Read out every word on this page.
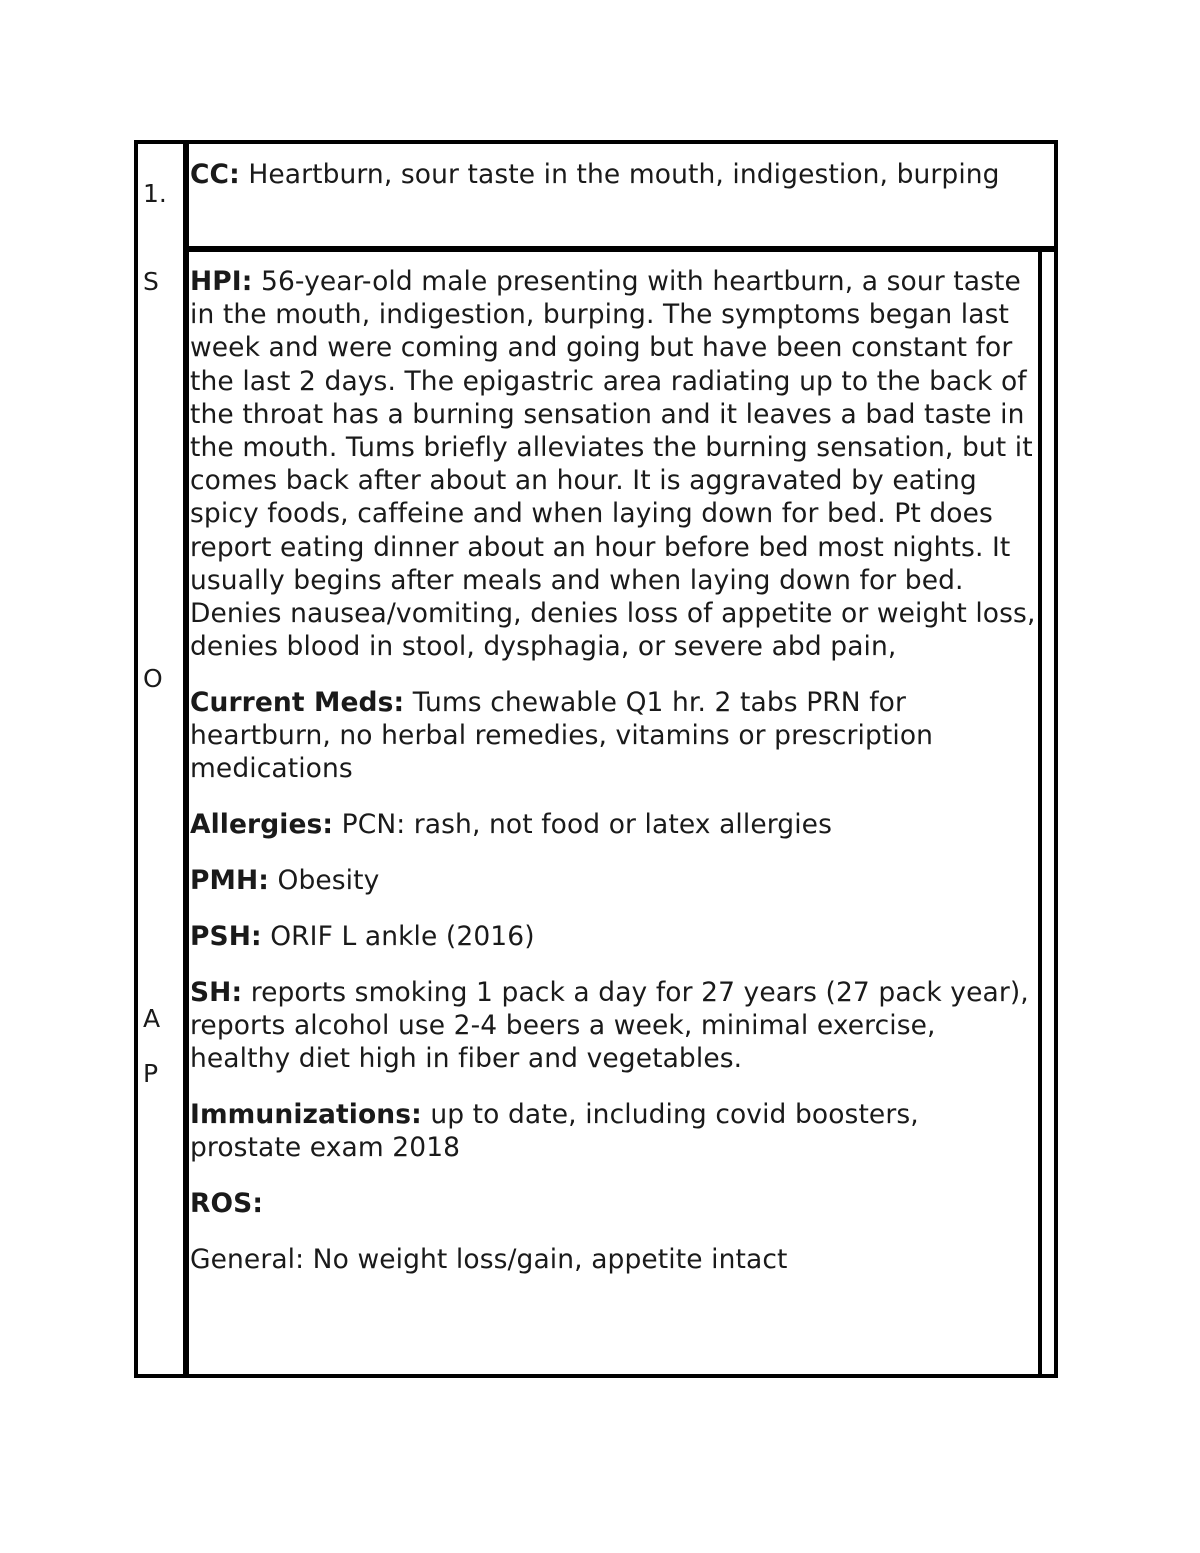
1.
S
O
A
P

CC: Heartburn, sour taste in the mouth, indigestion, burping

HPI: 56-year-old male presenting with heartburn, a sour taste in the mouth, indigestion, burping. The symptoms began last week and were coming and going but have been constant for the last 2 days. The epigastric area radiating up to the back of the throat has a burning sensation and it leaves a bad taste in the mouth. Tums briefly alleviates the burning sensation, but it comes back after about an hour. It is aggravated by eating spicy foods, caffeine and when laying down for bed. Pt does report eating dinner about an hour before bed most nights. It usually begins after meals and when laying down for bed. Denies nausea/vomiting, denies loss of appetite or weight loss, denies blood in stool, dysphagia, or severe abd pain,

Current Meds: Tums chewable Q1 hr. 2 tabs PRN for heartburn, no herbal remedies, vitamins or prescription medications

Allergies: PCN: rash, not food or latex allergies

PMH: Obesity

PSH: ORIF L ankle (2016)

SH: reports smoking 1 pack a day for 27 years (27 pack year), reports alcohol use 2-4 beers a week, minimal exercise, healthy diet high in fiber and vegetables.

Immunizations: up to date, including covid boosters, prostate exam 2018

ROS:

General: No weight loss/gain, appetite intact
